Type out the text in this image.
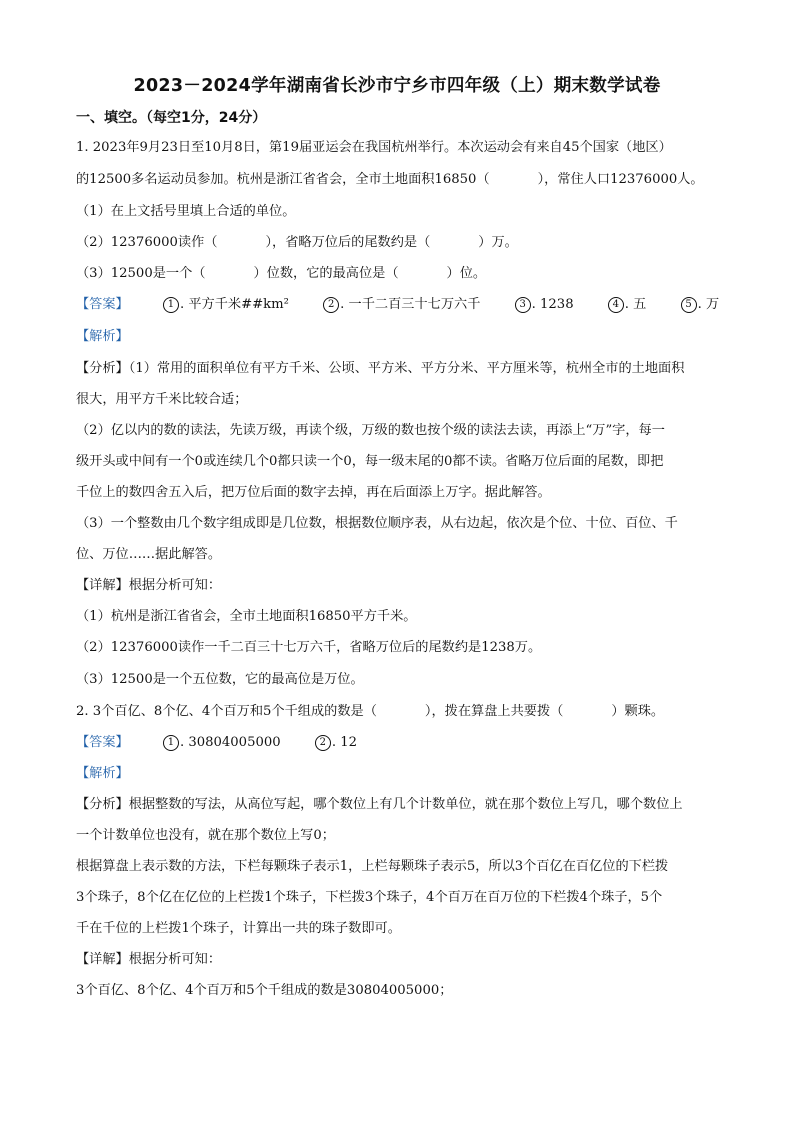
2023－2024学年湖南省长沙市宁乡市四年级（上）期末数学试卷
一、填空。（每空1分，24分）
1. 2023年9月23日至10月8日，第19届亚运会在我国杭州举行。本次运动会有来自45个国家（地区）
的12500多名运动员参加。杭州是浙江省省会，全市土地面积16850（	），常住人口12376000人。
（1）在上文括号里填上合适的单位。
（2）12376000读作（	），省略万位后的尾数约是（	）万。
（3）12500是一个（	）位数，它的最高位是（	）位。
【答案】	1 . 平方千米##km²	2 . 一千二百三十七万六千	3 . 1238	4 . 五	5 . 万
【解析】
【分析】（1）常用的面积单位有平方千米、公顷、平方米、平方分米、平方厘米等，杭州全市的土地面积
很大，用平方千米比较合适；
（2）亿以内的数的读法，先读万级，再读个级，万级的数也按个级的读法去读，再添上“万”字，每一
级开头或中间有一个0或连续几个0都只读一个0，每一级末尾的0都不读。省略万位后面的尾数，即把
千位上的数四舍五入后，把万位后面的数字去掉，再在后面添上万字。据此解答。
（3）一个整数由几个数字组成即是几位数，根据数位顺序表，从右边起，依次是个位、十位、百位、千
位、万位……据此解答。
【详解】根据分析可知：
（1）杭州是浙江省省会，全市土地面积16850平方千米。
（2）12376000读作一千二百三十七万六千，省略万位后的尾数约是1238万。
（3）12500是一个五位数，它的最高位是万位。
2. 3个百亿、8个亿、4个百万和5个千组成的数是（	），拨在算盘上共要拨（	）颗珠。
【答案】	1 . 30804005000	2 . 12
【解析】
【分析】根据整数的写法，从高位写起，哪个数位上有几个计数单位，就在那个数位上写几，哪个数位上
一个计数单位也没有，就在那个数位上写0；
根据算盘上表示数的方法，下栏每颗珠子表示1，上栏每颗珠子表示5，所以3个百亿在百亿位的下栏拨
3个珠子，8个亿在亿位的上栏拨1个珠子，下栏拨3个珠子，4个百万在百万位的下栏拨4个珠子，5个
千在千位的上栏拨1个珠子，计算出一共的珠子数即可。
【详解】根据分析可知：
3个百亿、8个亿、4个百万和5个千组成的数是30804005000；
